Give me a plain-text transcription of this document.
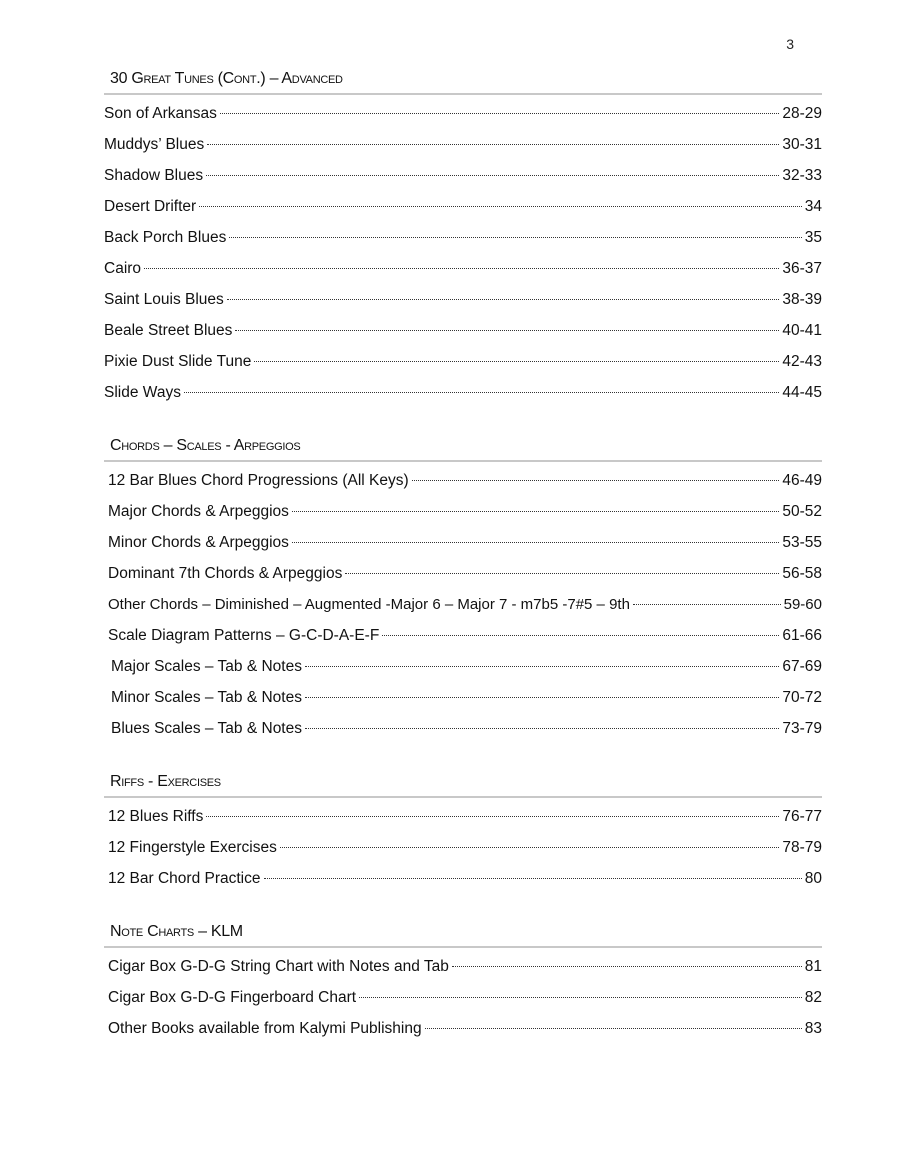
3
30 Great Tunes (Cont.) – Advanced
Son of Arkansas	28-29
Muddys’ Blues	30-31
Shadow Blues	32-33
Desert Drifter	34
Back Porch Blues	35
Cairo	36-37
Saint Louis Blues	38-39
Beale Street Blues	40-41
Pixie Dust Slide Tune	42-43
Slide Ways	44-45
Chords – Scales - Arpeggios
12 Bar Blues Chord Progressions (All Keys)	46-49
Major Chords & Arpeggios	50-52
Minor Chords & Arpeggios	53-55
Dominant 7th Chords & Arpeggios	56-58
Other Chords – Diminished – Augmented -Major 6 – Major 7 - m7b5 -7#5 – 9th	59-60
Scale Diagram Patterns – G-C-D-A-E-F	61-66
Major Scales – Tab & Notes	67-69
Minor Scales – Tab & Notes	70-72
Blues Scales – Tab & Notes	73-79
Riffs - Exercises
12 Blues Riffs	76-77
12 Fingerstyle Exercises	78-79
12 Bar Chord Practice	80
Note Charts – KLM
Cigar Box G-D-G String Chart with Notes and Tab	81
Cigar Box G-D-G Fingerboard Chart	82
Other Books available from Kalymi Publishing	83
